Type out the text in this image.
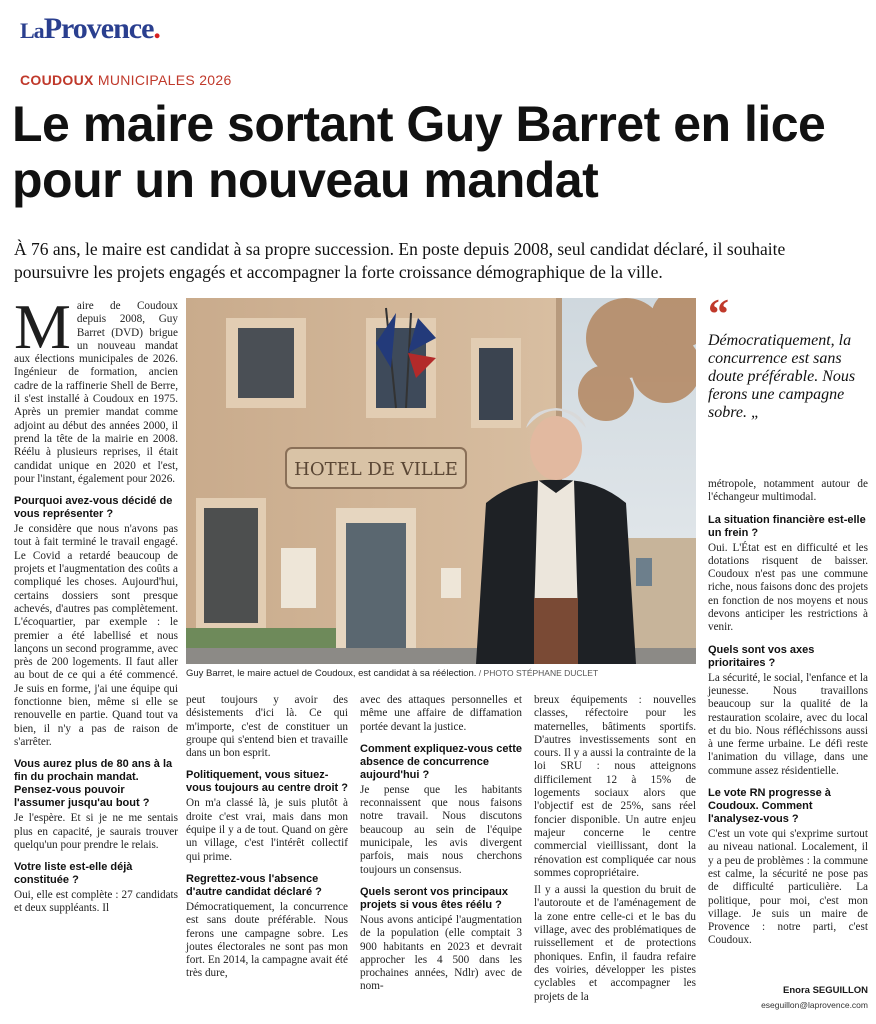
LaProvence.
COUDOUX MUNICIPALES 2026
Le maire sortant Guy Barret en lice pour un nouveau mandat

À 76 ans, le maire est candidat à sa propre succession. En poste depuis 2008, seul candidat déclaré, il souhaite poursuivre les projets engagés et accompagner la forte croissance démographique de la ville.

Maire de Coudoux depuis 2008, Guy Barret (DVD) brigue un nouveau mandat aux élections municipales de 2026. Ingénieur de formation, ancien cadre de la raffinerie Shell de Berre, il s'est installé à Coudoux en 1975. Après un premier mandat comme adjoint au début des années 2000, il prend la tête de la mairie en 2008. Réélu à plusieurs reprises, il était candidat unique en 2020 et l'est, pour l'instant, également pour 2026.

Pourquoi avez-vous décidé de vous représenter ?

Je considère que nous n'avons pas tout à fait terminé le travail engagé. Le Covid a retardé beaucoup de projets et l'augmentation des coûts a compliqué les choses. Aujourd'hui, certains dossiers sont presque achevés, d'autres pas complètement. L'écoquartier, par exemple : le premier a été labellisé et nous lançons un second programme, avec près de 200 logements. Il faut aller au bout de ce qui a été commencé. Je suis en forme, j'ai une équipe qui fonctionne bien, même si elle se renouvelle en partie. Quand tout va bien, il n'y a pas de raison de s'arrêter.

Vous aurez plus de 80 ans à la fin du prochain mandat. Pensez-vous pouvoir l'assumer jusqu'au bout ?

Je l'espère. Et si je ne me sentais plus en capacité, je saurais trouver quelqu'un pour prendre le relais.

Votre liste est-elle déjà constituée ?

Oui, elle est complète : 27 candidats et deux suppléants. Il

HOTEL DE VILLE
Guy Barret, le maire actuel de Coudoux, est candidat à sa réélection. / PHOTO STÉPHANE DUCLET
“
Démocratiquement, la concurrence est sans doute préférable. Nous ferons une campagne sobre. „

peut toujours y avoir des désistements d'ici là. Ce qui m'importe, c'est de constituer un groupe qui s'entend bien et travaille dans un bon esprit.

Politiquement, vous situez-vous toujours au centre droit ?

On m'a classé là, je suis plutôt à droite c'est vrai, mais dans mon équipe il y a de tout. Quand on gère un village, c'est l'intérêt collectif qui prime.

Regrettez-vous l'absence d'autre candidat déclaré ?

Démocratiquement, la concurrence est sans doute préférable. Nous ferons une campagne sobre. Les joutes électorales ne sont pas mon fort. En 2014, la campagne avait été très dure,

avec des attaques personnelles et même une affaire de diffamation portée devant la justice.

Comment expliquez-vous cette absence de concurrence aujourd'hui ?

Je pense que les habitants reconnaissent que nous faisons notre travail. Nous discutons beaucoup au sein de l'équipe municipale, les avis divergent parfois, mais nous cherchons toujours un consensus.

Quels seront vos principaux projets si vous êtes réélu ?

Nous avons anticipé l'augmentation de la population (elle comptait 3 900 habitants en 2023 et devrait approcher les 4 500 dans les prochaines années, Ndlr) avec de nom-

breux équipements : nouvelles classes, réfectoire pour les maternelles, bâtiments sportifs. D'autres investissements sont en cours. Il y a aussi la contrainte de la loi SRU : nous atteignons difficilement 12 à 15% de logements sociaux alors que l'objectif est de 25%, sans réel foncier disponible. Un autre enjeu majeur concerne le centre commercial vieillissant, dont la rénovation est compliquée car nous sommes copropriétaire.

Il y a aussi la question du bruit de l'autoroute et de l'aménagement de la zone entre celle-ci et le bas du village, avec des problématiques de ruissellement et de protections phoniques. Enfin, il faudra refaire des voiries, développer les pistes cyclables et accompagner les projets de la

métropole, notamment autour de l'échangeur multimodal.

La situation financière est-elle un frein ?

Oui. L'État est en difficulté et les dotations risquent de baisser. Coudoux n'est pas une commune riche, nous faisons donc des projets en fonction de nos moyens et nous devons anticiper les restrictions à venir.

Quels sont vos axes prioritaires ?

La sécurité, le social, l'enfance et la jeunesse. Nous travaillons beaucoup sur la qualité de la restauration scolaire, avec du local et du bio. Nous réfléchissons aussi à une ferme urbaine. Le défi reste l'animation du village, dans une commune assez résidentielle.

Le vote RN progresse à Coudoux. Comment l'analysez-vous ?

C'est un vote qui s'exprime surtout au niveau national. Localement, il y a peu de problèmes : la commune est calme, la sécurité ne pose pas de difficulté particulière. La politique, pour moi, c'est mon village. Je suis un maire de Provence : notre parti, c'est Coudoux.

Enora SEGUILLON
eseguillon@laprovence.com
